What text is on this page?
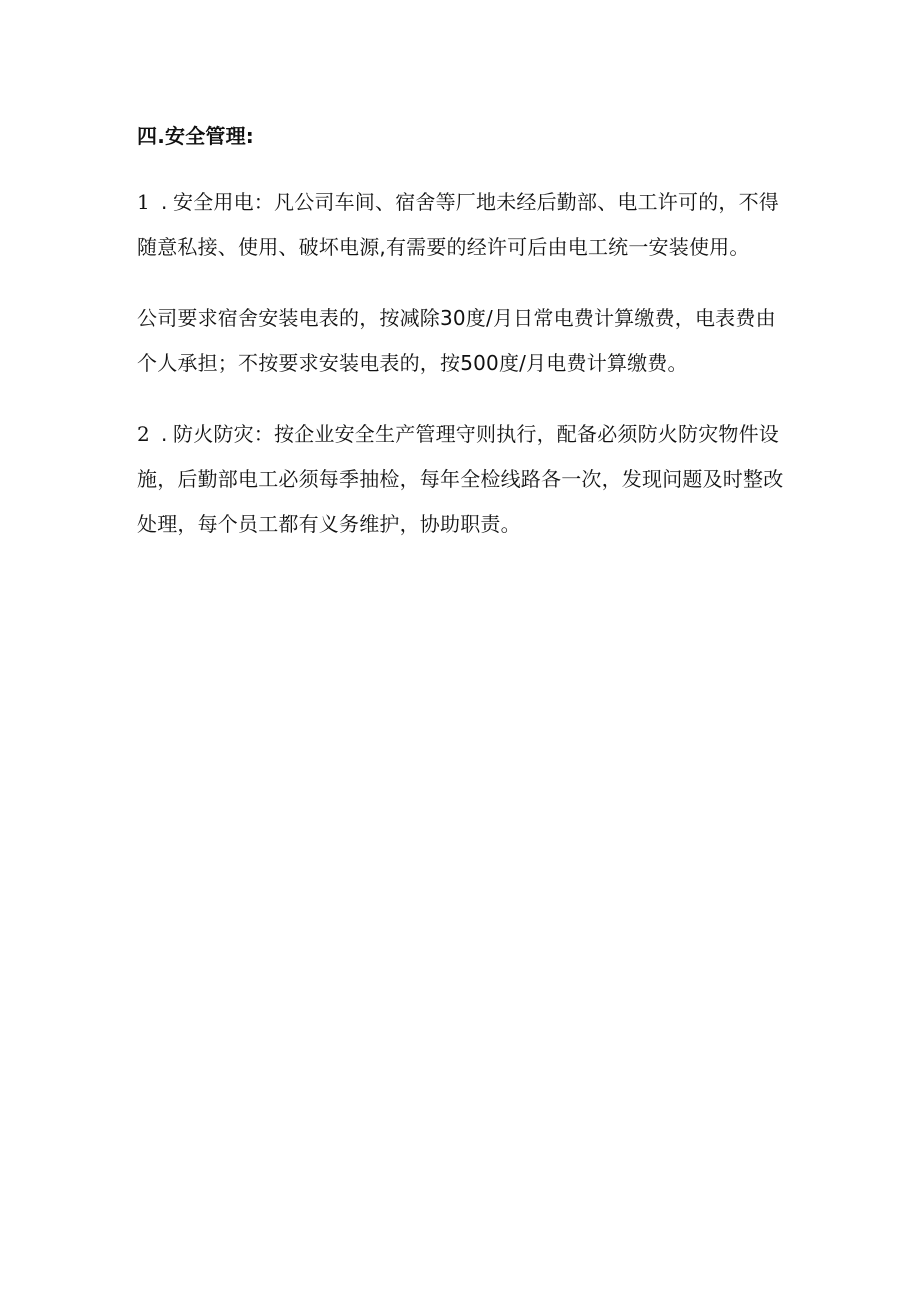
四.安全管理:

1 . 安全用电：凡公司车间、宿舍等厂地未经后勤部、电工许可的，不得随意私接、使用、破坏电源,有需要的经许可后由电工统一安装使用。

公司要求宿舍安装电表的，按减除30度/月日常电费计算缴费，电表费由个人承担；不按要求安装电表的，按500度/月电费计算缴费。

2 . 防火防灾：按企业安全生产管理守则执行，配备必须防火防灾物件设施，后勤部电工必须每季抽检，每年全检线路各一次，发现问题及时整改处理，每个员工都有义务维护，协助职责。
